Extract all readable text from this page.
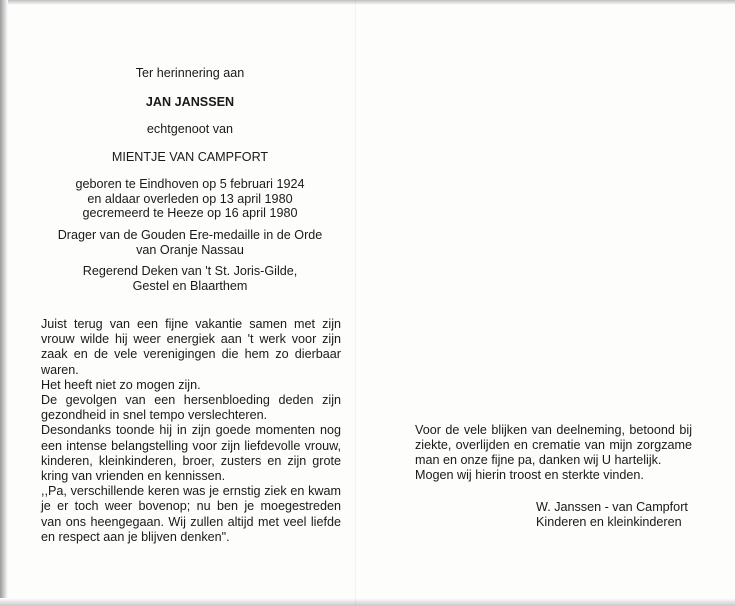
Ter herinnering aan
JAN JANSSEN
echtgenoot van
MIENTJE VAN CAMPFORT
geboren te Eindhoven op 5 februari 1924
en aldaar overleden op 13 april 1980
gecremeerd te Heeze op 16 april 1980
Drager van de Gouden Ere-medaille in de Orde
van Oranje Nassau
Regerend Deken van 't St. Joris-Gilde,
Gestel en Blaarthem

Juist terug van een fijne vakantie samen met zijn vrouw wilde hij weer energiek aan 't werk voor zijn zaak en de vele verenigingen die hem zo dierbaar waren.

Het heeft niet zo mogen zijn.

De gevolgen van een hersenbloeding deden zijn gezondheid in snel tempo verslechteren.

Desondanks toonde hij in zijn goede momenten nog een intense belangstelling voor zijn liefdevolle vrouw, kinderen, kleinkinderen, broer, zusters en zijn grote kring van vrienden en kennissen.

,,Pa, verschillende keren was je ernstig ziek en kwam je er toch weer bovenop; nu ben je moegestreden van ons heengegaan. Wij zullen altijd met veel liefde en respect aan je blijven denken".

Voor de vele blijken van deelneming, betoond bij ziekte, overlijden en crematie van mijn zorgzame man en onze fijne pa, danken wij U hartelijk.

Mogen wij hierin troost en sterkte vinden.

W. Janssen - van Campfort
Kinderen en kleinkinderen
